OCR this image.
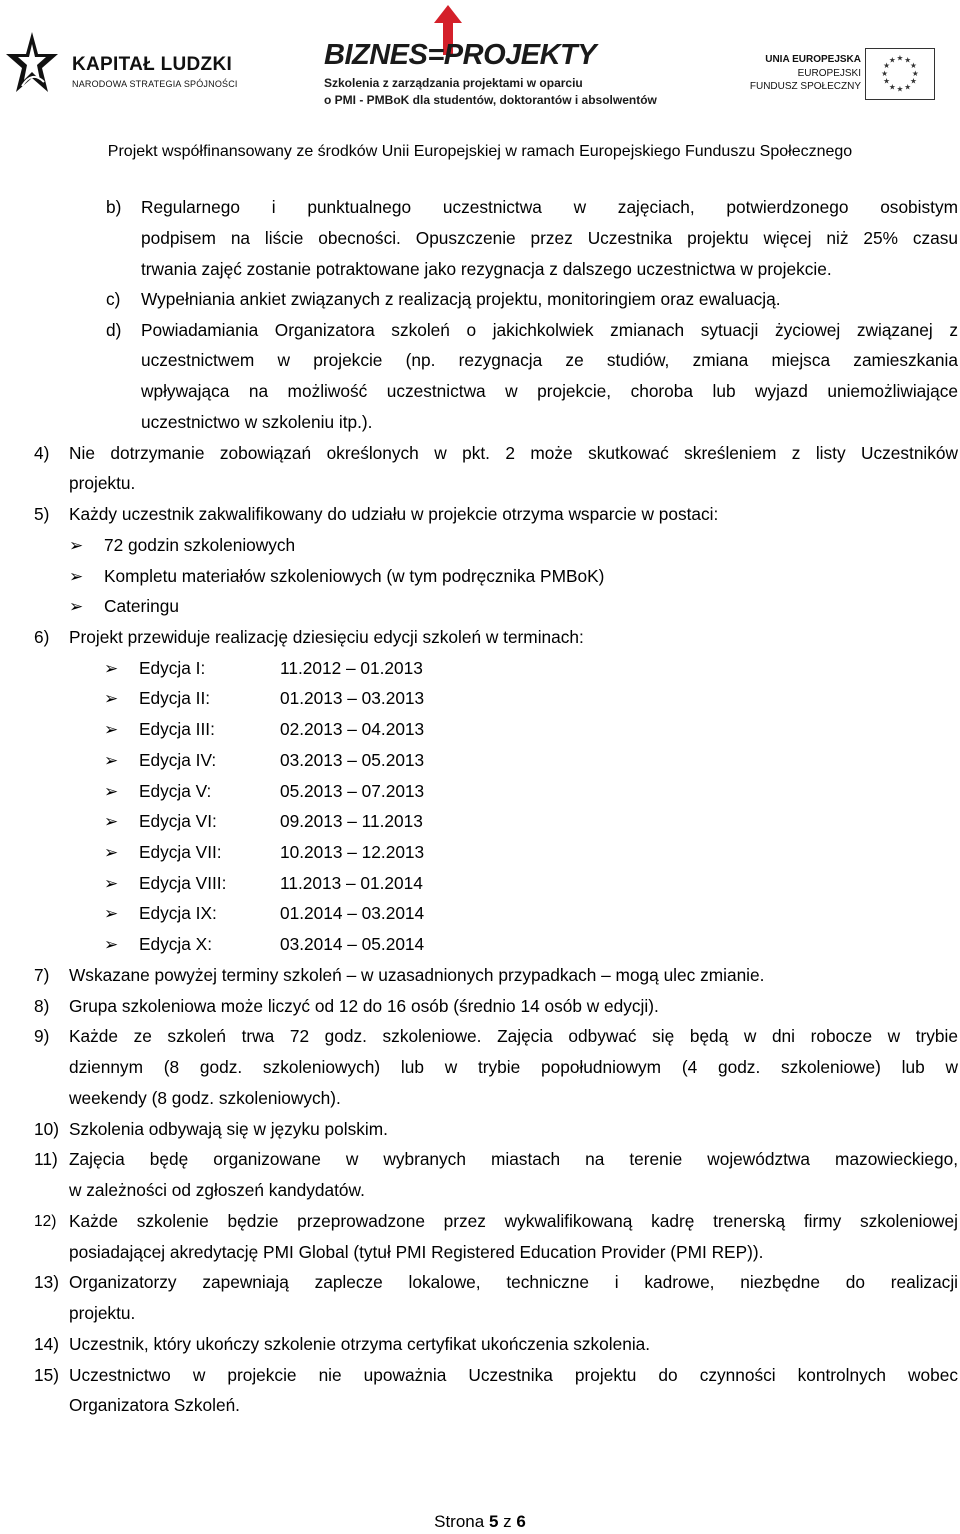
KAPITAŁ LUDZKI
NARODOWA STRATEGIA SPÓJNOŚCI
BIZNES=PROJEKTY
Szkolenia z zarządzania projektami w oparciu
o PMI - PMBoK dla studentów, doktorantów i absolwentów
UNIA EUROPEJSKA
EUROPEJSKI
FUNDUSZ SPOŁECZNY
★ ★
★
★
★
★
★
★
★
★
★
★
Projekt współfinansowany ze środków Unii Europejskiej w ramach Europejskiego Funduszu Społecznego
b) Regularnego i punktualnego uczestnictwa w zajęciach, potwierdzonego osobistym
podpisem na liście obecności. Opuszczenie przez Uczestnika projektu więcej niż 25% czasu
trwania zajęć zostanie potraktowane jako rezygnacja z dalszego uczestnictwa w projekcie.
c) Wypełniania ankiet związanych z realizacją projektu, monitoringiem oraz ewaluacją.
d) Powiadamiania Organizatora szkoleń o jakichkolwiek zmianach sytuacji życiowej związanej z
uczestnictwem w projekcie (np. rezygnacja ze studiów, zmiana miejsca zamieszkania
wpływająca na możliwość uczestnictwa w projekcie, choroba lub wyjazd uniemożliwiające
uczestnictwo w szkoleniu itp.).
4) Nie dotrzymanie zobowiązań określonych w pkt. 2 może skutkować skreśleniem z listy Uczestników
projektu.
5) Każdy uczestnik zakwalifikowany do udziału w projekcie otrzyma wsparcie w postaci:
➢ 72 godzin szkoleniowych
➢ Kompletu materiałów szkoleniowych (w tym podręcznika PMBoK)
➢ Cateringu
6) Projekt przewiduje realizację dziesięciu edycji szkoleń w terminach:
➢ Edycja I:	11.2012 – 01.2013
➢ Edycja II:	01.2013 – 03.2013
➢ Edycja III:	02.2013 – 04.2013
➢ Edycja IV:	03.2013 – 05.2013
➢ Edycja V:	05.2013 – 07.2013
➢ Edycja VI:	09.2013 – 11.2013
➢ Edycja VII:	10.2013 – 12.2013
➢ Edycja VIII:	11.2013 – 01.2014
➢ Edycja IX:	01.2014 – 03.2014
➢ Edycja X:	03.2014 – 05.2014
7) Wskazane powyżej terminy szkoleń – w uzasadnionych przypadkach – mogą ulec zmianie.
8) Grupa szkoleniowa może liczyć od 12 do 16 osób (średnio 14 osób w edycji).
9) Każde ze szkoleń trwa 72 godz. szkoleniowe. Zajęcia odbywać się będą w dni robocze w trybie
dziennym (8 godz. szkoleniowych) lub w trybie popołudniowym (4 godz. szkoleniowe) lub w
weekendy (8 godz. szkoleniowych).
10) Szkolenia odbywają się w języku polskim.
11) Zajęcia będę organizowane w wybranych miastach na terenie województwa mazowieckiego,
w zależności od zgłoszeń kandydatów.
12) Każde szkolenie będzie przeprowadzone przez wykwalifikowaną kadrę trenerską firmy szkoleniowej
posiadającej akredytację PMI Global (tytuł PMI Registered Education Provider (PMI REP)).
13) Organizatorzy zapewniają zaplecze lokalowe, techniczne i kadrowe, niezbędne do realizacji
projektu.
14) Uczestnik, który ukończy szkolenie otrzyma certyfikat ukończenia szkolenia.
15) Uczestnictwo w projekcie nie upoważnia Uczestnika projektu do czynności kontrolnych wobec
Organizatora Szkoleń.
Strona 5 z 6
